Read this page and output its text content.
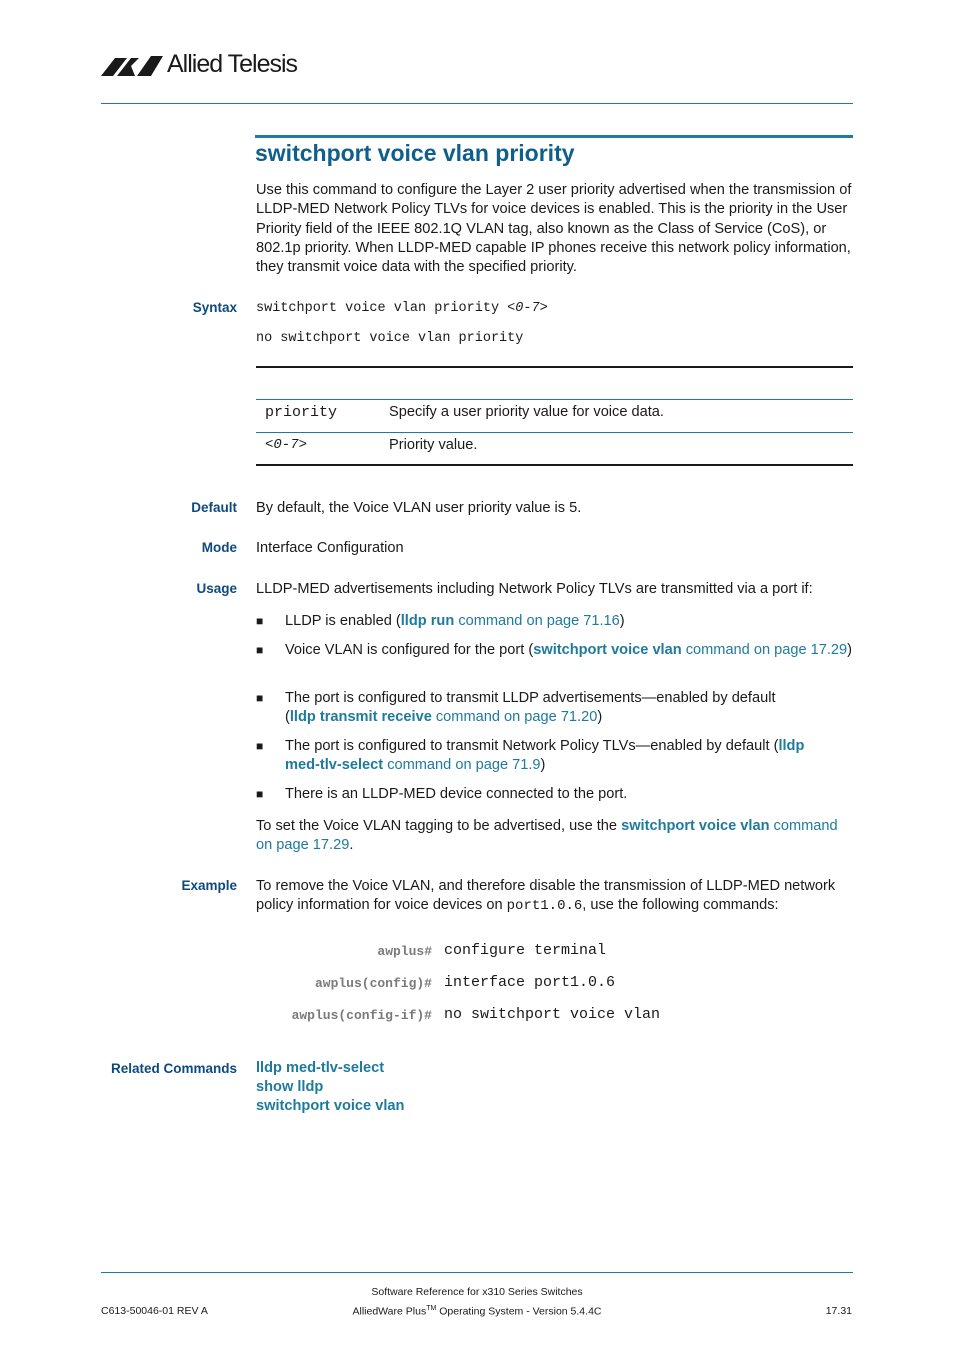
Allied Telesis
switchport voice vlan priority
Use this command to configure the Layer 2 user priority advertised when the transmission of LLDP-MED Network Policy TLVs for voice devices is enabled. This is the priority in the User Priority field of the IEEE 802.1Q VLAN tag, also known as the Class of Service (CoS), or 802.1p priority. When LLDP-MED capable IP phones receive this network policy information, they transmit voice data with the specified priority.
Syntax switchport voice vlan priority <0-7>
no switchport voice vlan priority
priority	Specify a user priority value for voice data.
<0-7>	Priority value.
Default By default, the Voice VLAN user priority value is 5.
Mode Interface Configuration
Usage LLDP-MED advertisements including Network Policy TLVs are transmitted via a port if:
■ LLDP is enabled (lldp run command on page 71.16)
■ Voice VLAN is configured for the port (switchport voice vlan command on page 17.29)
■ The port is configured to transmit LLDP advertisements—enabled by default (lldp transmit receive command on page 71.20)
■ The port is configured to transmit Network Policy TLVs—enabled by default (lldp med-tlv-select command on page 71.9)
■ There is an LLDP-MED device connected to the port.
To set the Voice VLAN tagging to be advertised, use the switchport voice vlan command on page 17.29.
Example To remove the Voice VLAN, and therefore disable the transmission of LLDP-MED network policy information for voice devices on port1.0.6, use the following commands:
awplus# configure terminal
awplus(config)# interface port1.0.6
awplus(config-if)# no switchport voice vlan
Related Commands lldp med-tlv-select
show lldp
switchport voice vlan
C613-50046-01 REV A
Software Reference for x310 Series Switches
AlliedWare Plus™ Operating System - Version 5.4.4C	17.31
